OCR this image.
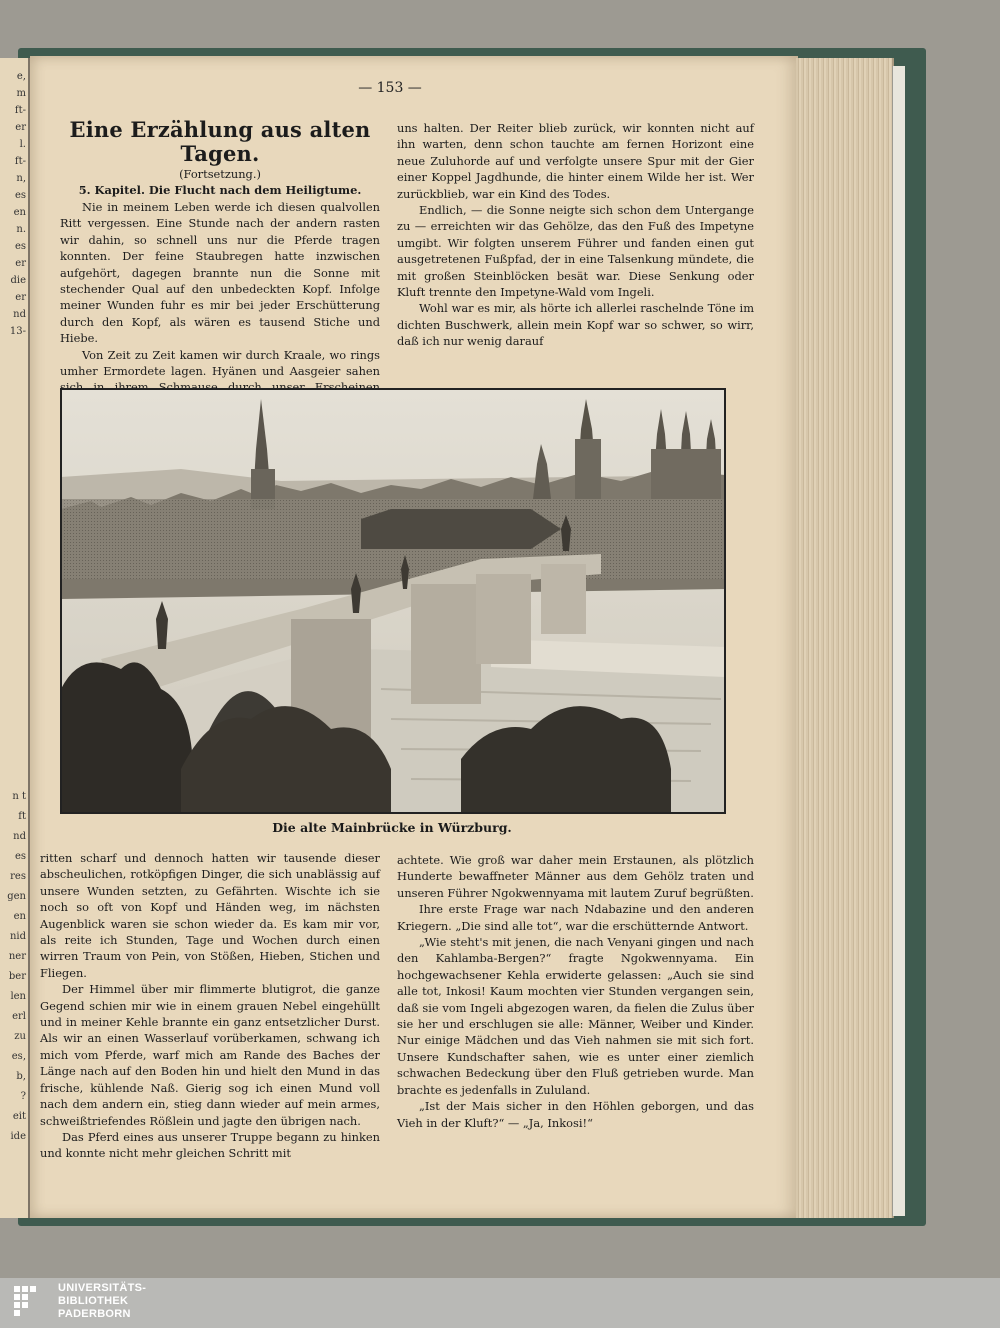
e,
m
ft-
er
l.
ft-
n,
es
en
n.
es
er
die
er
nd
13-
n t
ft
nd
es
res
gen
en
nid
ner
ber
len
erl
zu
es,
b,
?
eit
ide
— 153 —
Eine Erzählung aus alten Tagen.
(Fortsetzung.)
5. Kapitel. Die Flucht nach dem Heiligtume.

Nie in meinem Leben werde ich diesen qualvollen Ritt vergessen. Eine Stunde nach der andern rasten wir dahin, so schnell uns nur die Pferde tragen konnten. Der feine Staubregen hatte inzwischen aufgehört, dagegen brannte nun die Sonne mit stechender Qual auf den unbedeckten Kopf. Infolge meiner Wunden fuhr es mir bei jeder Erschütterung durch den Kopf, als wären es tausend Stiche und Hiebe.

Von Zeit zu Zeit kamen wir durch Kraale, wo rings umher Ermordete lagen. Hyänen und Aasgeier sahen

uns halten. Der Reiter blieb zurück, wir konnten nicht auf ihn warten, denn schon tauchte am fernen Horizont eine neue Zuluhorde auf und verfolgte unsere Spur mit der Gier einer Koppel Jagdhunde, die hinter einem Wilde her ist. Wer zurückblieb, war ein Kind des Todes.

Endlich, — die Sonne neigte sich schon dem Untergange zu — erreichten wir das Gehölze, das den Fuß des Impetyne umgibt. Wir folgten unserem Führer und fanden einen gut ausgetretenen Fußpfad, der in eine Talsenkung mündete, die mit großen Steinblöcken besät war. Diese Senkung oder Kluft trennte den Impetyne-Wald vom Ingeli.

Wohl war es mir, als hörte ich allerlei raschelnde Töne im dichten Buschwerk, allein mein Kopf war so schwer, so wirr, daß ich nur wenig darauf

Die alte Mainbrücke in Würzburg.

ritten scharf und dennoch hatten wir tausende dieser abscheulichen, rotköpfigen Dinger, die sich unablässig auf unsere Wunden setzten, zu Gefährten. Wischte ich sie noch so oft von Kopf und Händen weg, im nächsten Augenblick waren sie schon wieder da. Es kam mir vor, als reite ich Stunden, Tage und Wochen durch einen wirren Traum von Pein, von Stößen, Hieben, Stichen und Fliegen.

Der Himmel über mir flimmerte blutigrot, die ganze Gegend schien mir wie in einem grauen Nebel eingehüllt und in meiner Kehle brannte ein ganz entsetzlicher Durst. Als wir an einen Wasserlauf vorüberkamen, schwang ich mich vom Pferde, warf mich am Rande des Baches der Länge nach auf den Boden hin und hielt den Mund in das frische, kühlende Naß. Gierig sog ich einen Mund voll nach dem andern ein, stieg dann wieder auf mein armes, schweißtriefendes Rößlein und jagte den übrigen nach.

Das Pferd eines aus unserer Truppe begann zu hinken und konnte nicht mehr gleichen Schritt mit

achtete. Wie groß war daher mein Erstaunen, als plötzlich Hunderte bewaffneter Männer aus dem Gehölz traten und unseren Führer Ngokwennyama mit lautem Zuruf begrüßten.

Ihre erste Frage war nach Ndabazine und den anderen Kriegern. „Die sind alle tot“, war die erschütternde Antwort.

„Wie steht's mit jenen, die nach Venyani gingen und nach den Kahlamba-Bergen?“ fragte Ngokwennyama. Ein hochgewachsener Kehla erwiderte gelassen: „Auch sie sind alle tot, Inkosi! Kaum mochten vier Stunden vergangen sein, daß sie vom Ingeli abgezogen waren, da fielen die Zulus über sie her und erschlugen sie alle: Männer, Weiber und Kinder. Nur einige Mädchen und das Vieh nahmen sie mit sich fort. Unsere Kundschafter sahen, wie es unter einer ziemlich schwachen Bedeckung über den Fluß getrieben wurde. Man brachte es jedenfalls in Zululand.

„Ist der Mais sicher in den Höhlen geborgen, und das Vieh in der Kluft?“ — „Ja, Inkosi!“

UNIVERSITÄTS-
BIBLIOTHEK
PADERBORN
